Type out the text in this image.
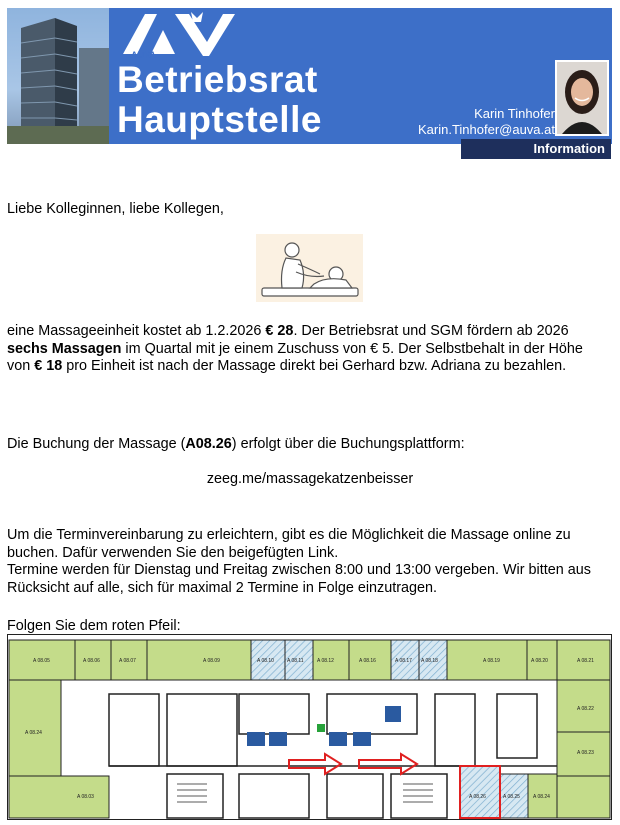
AUVA
Betriebsrat
Hauptstelle	Karin Tinhofer
Karin.Tinhofer@auva.at
Information
Liebe Kolleginnen, liebe Kollegen,
eine Massageeinheit kostet ab 1.2.2026 € 28. Der Betriebsrat und SGM fördern ab 2026 sechs Massagen im Quartal mit je einem Zuschuss von € 5. Der Selbstbehalt in der Höhe von € 18 pro Einheit ist nach der Massage direkt bei Gerhard bzw. Adriana zu bezahlen.
Die Buchung der Massage (A08.26) erfolgt über die Buchungsplattform:
zeeg.me/massagekatzenbeisser
Um die Terminvereinbarung zu erleichtern, gibt es die Möglichkeit die Massage online zu buchen. Dafür verwenden Sie den beigefügten Link.
Termine werden für Dienstag und Freitag zwischen 8:00 und 13:00 vergeben. Wir bitten aus Rücksicht auf alle, sich für maximal 2 Termine in Folge einzutragen.
Folgen Sie dem roten Pfeil:
A 08.05	A 08.06	A 08.07	A 08.09	A 08.10	A 08.11	A 08.12	A 08.16	A 08.17 A 08.18	A 08.19	A 08.20	A 08.21
A 08.24
A 08.03
A 08.22
A 08.23
A 08.26	A 08.25	A 08.24
